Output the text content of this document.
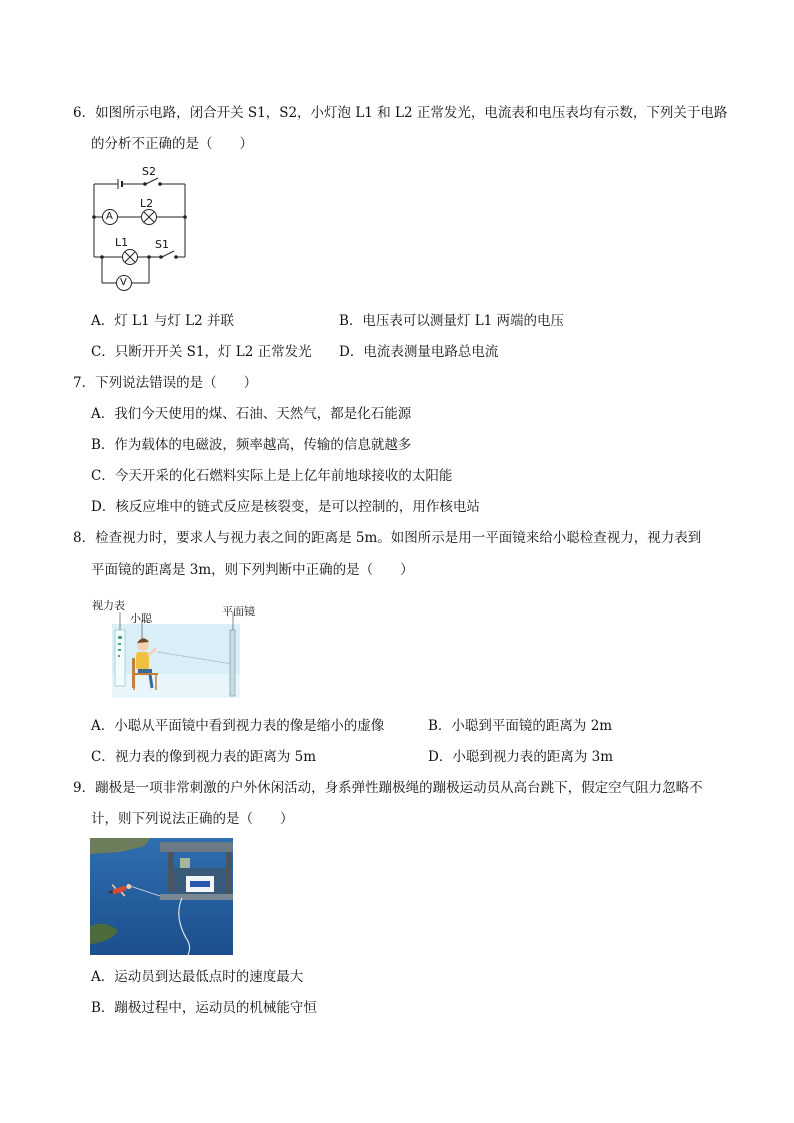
6．如图所示电路，闭合开关 S1，S2，小灯泡 L1 和 L2 正常发光，电流表和电压表均有示数，下列关于电路
的分析不正确的是（　　）
S2
A
L2
L1 S1
V
A．灯 L1 与灯 L2 并联	B．电压表可以测量灯 L1 两端的电压
C．只断开开关 S1，灯 L2 正常发光 D．电流表测量电路总电流
7．下列说法错误的是（　　）
A．我们今天使用的煤、石油、天然气，都是化石能源
B．作为载体的电磁波，频率越高，传输的信息就越多
C．今天开采的化石燃料实际上是上亿年前地球接收的太阳能
D．核反应堆中的链式反应是核裂变，是可以控制的，用作核电站
8．检查视力时，要求人与视力表之间的距离是 5m。如图所示是用一平面镜来给小聪检查视力，视力表到
平面镜的距离是 3m，则下列判断中正确的是（　　）
视力表
小聪
平面镜
A．小聪从平面镜中看到视力表的像是缩小的虚像	B．小聪到平面镜的距离为 2m
C．视力表的像到视力表的距离为 5m	D．小聪到视力表的距离为 3m
9．蹦极是一项非常刺激的户外休闲活动，身系弹性蹦极绳的蹦极运动员从高台跳下，假定空气阻力忽略不
计，则下列说法正确的是（　　）
A．运动员到达最低点时的速度最大
B．蹦极过程中，运动员的机械能守恒
